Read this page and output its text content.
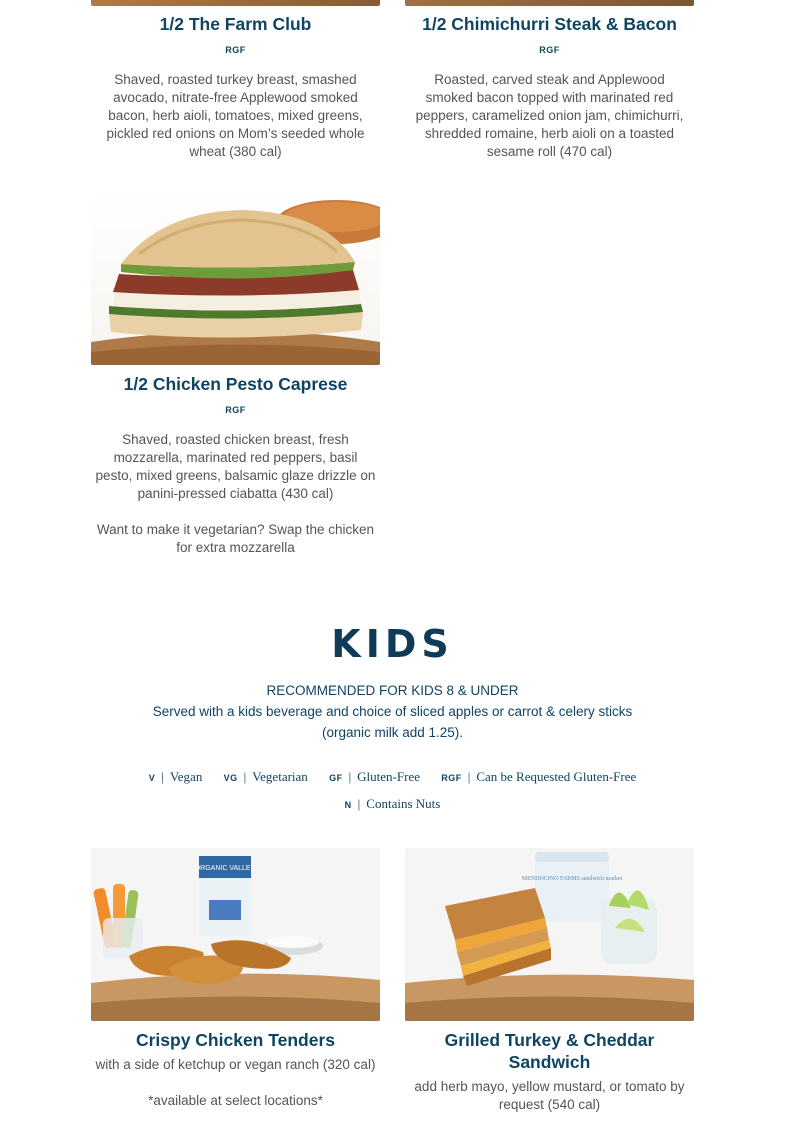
1/2 The Farm Club
RGF

Shaved, roasted turkey breast, smashed avocado, nitrate-free Applewood smoked bacon, herb aioli, tomatoes, mixed greens, pickled red onions on Mom’s seeded whole wheat (380 cal)

1/2 Chimichurri Steak & Bacon
RGF

Roasted, carved steak and Applewood smoked bacon topped with marinated red peppers, caramelized onion jam, chimichurri, shredded romaine, herb aioli on a toasted sesame roll (470 cal)

1/2 Chicken Pesto Caprese
RGF

Shaved, roasted chicken breast, fresh mozzarella, marinated red peppers, basil pesto, mixed greens, balsamic glaze drizzle on panini-pressed ciabatta (430 cal)

Want to make it vegetarian? Swap the chicken for extra mozzarella

KIDS
RECOMMENDED FOR KIDS 8 & UNDER
Served with a kids beverage and choice of sliced apples or carrot & celery sticks
(organic milk add 1.25).
V | Vegan VG | Vegetarian GF | Gluten-Free RGF | Can be Requested Gluten-Free
N | Contains Nuts
ORGANIC VALLEY
Crispy Chicken Tenders

with a side of ketchup or vegan ranch (320 cal)

*available at select locations*

MENDOCINO FARMS sandwich market
Grilled Turkey & Cheddar Sandwich

add herb mayo, yellow mustard, or tomato by request (540 cal)
